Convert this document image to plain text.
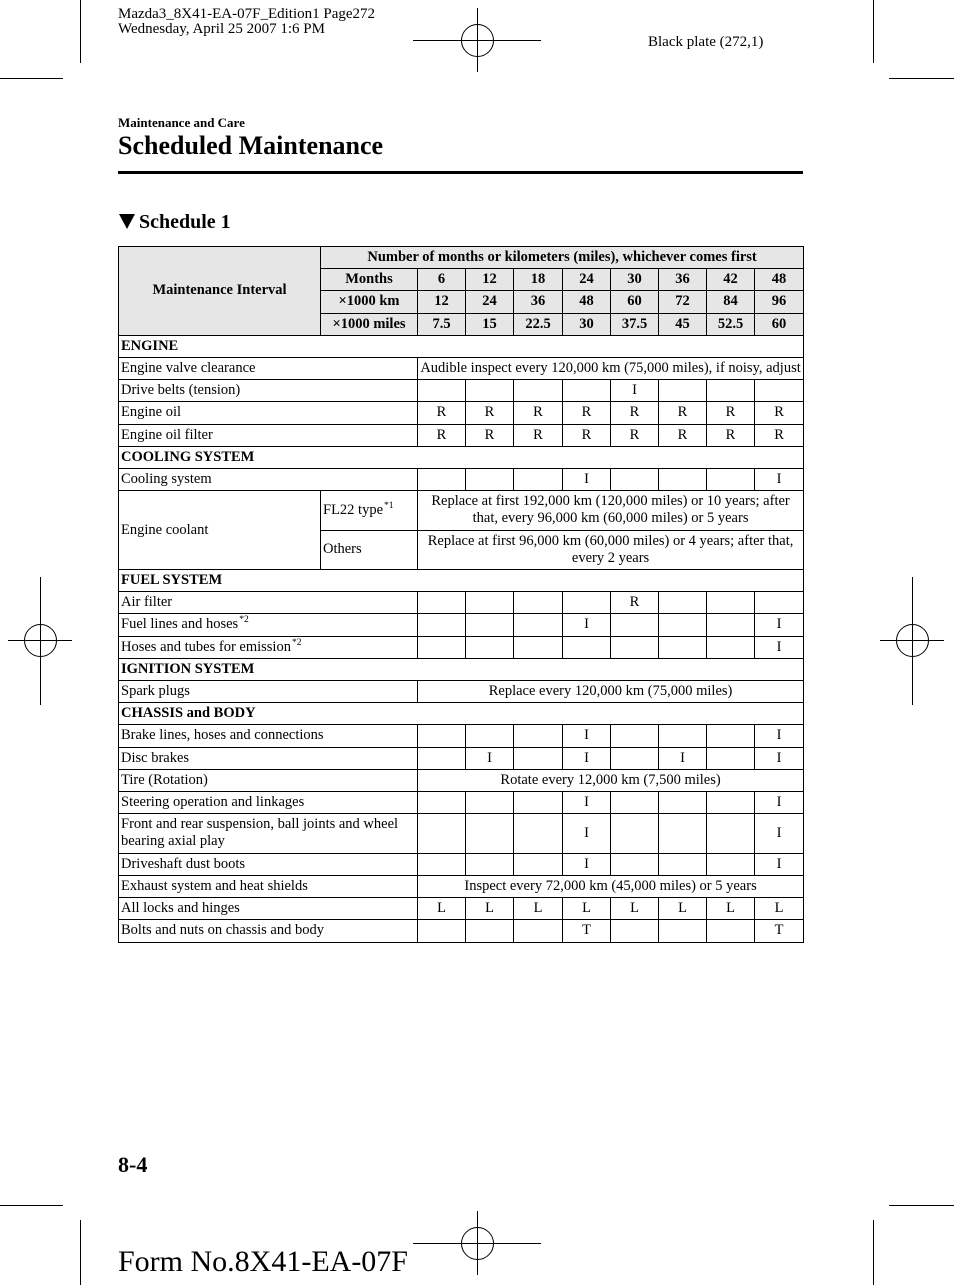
Mazda3_8X41-EA-07F_Edition1 Page272
Wednesday, April 25 2007 1:6 PM
Black plate (272,1)
Maintenance and Care
Scheduled Maintenance
Schedule 1
Maintenance Interval	Number of months or kilometers (miles), whichever comes first								
	Months	6	12	18	24	30	36	42	48
	×1000 km	12	24	36	48	60	72	84	96
	×1000 miles	7.5	15	22.5	30	37.5	45	52.5	60
ENGINE									
Engine valve clearance		Audible inspect every 120,000 km (75,000 miles), if noisy, adjust							
Drive belts (tension)						I			
Engine oil		R	R	R	R	R	R	R	R
Engine oil filter		R	R	R	R	R	R	R	R
COOLING SYSTEM									
Cooling system					I				I
Engine coolant	FL22 type$^{*1}$	Replace at first 192,000 km (120,000 miles) or 10 years; after that, every 96,000 km (60,000 miles) or 5 years							
	Others	Replace at first 96,000 km (60,000 miles) or 4 years; after that, every 2 years							
FUEL SYSTEM									
Air filter						R			
Fuel lines and hoses$^{*2}$					I				I
Hoses and tubes for emission$^{*2}$									I
IGNITION SYSTEM									
Spark plugs		Replace every 120,000 km (75,000 miles)							
CHASSIS and BODY									
Brake lines, hoses and connections					I				I
Disc brakes			I		I		I		I
Tire (Rotation)		Rotate every 12,000 km (7,500 miles)							
Steering operation and linkages					I				I
Front and rear suspension, ball joints and wheel bearing axial play					I				I
Driveshaft dust boots					I				I
Exhaust system and heat shields		Inspect every 72,000 km (45,000 miles) or 5 years							
All locks and hinges		L	L	L	L	L	L	L	L
Bolts and nuts on chassis and body					T				T
8-4
Form No.8X41-EA-07F
